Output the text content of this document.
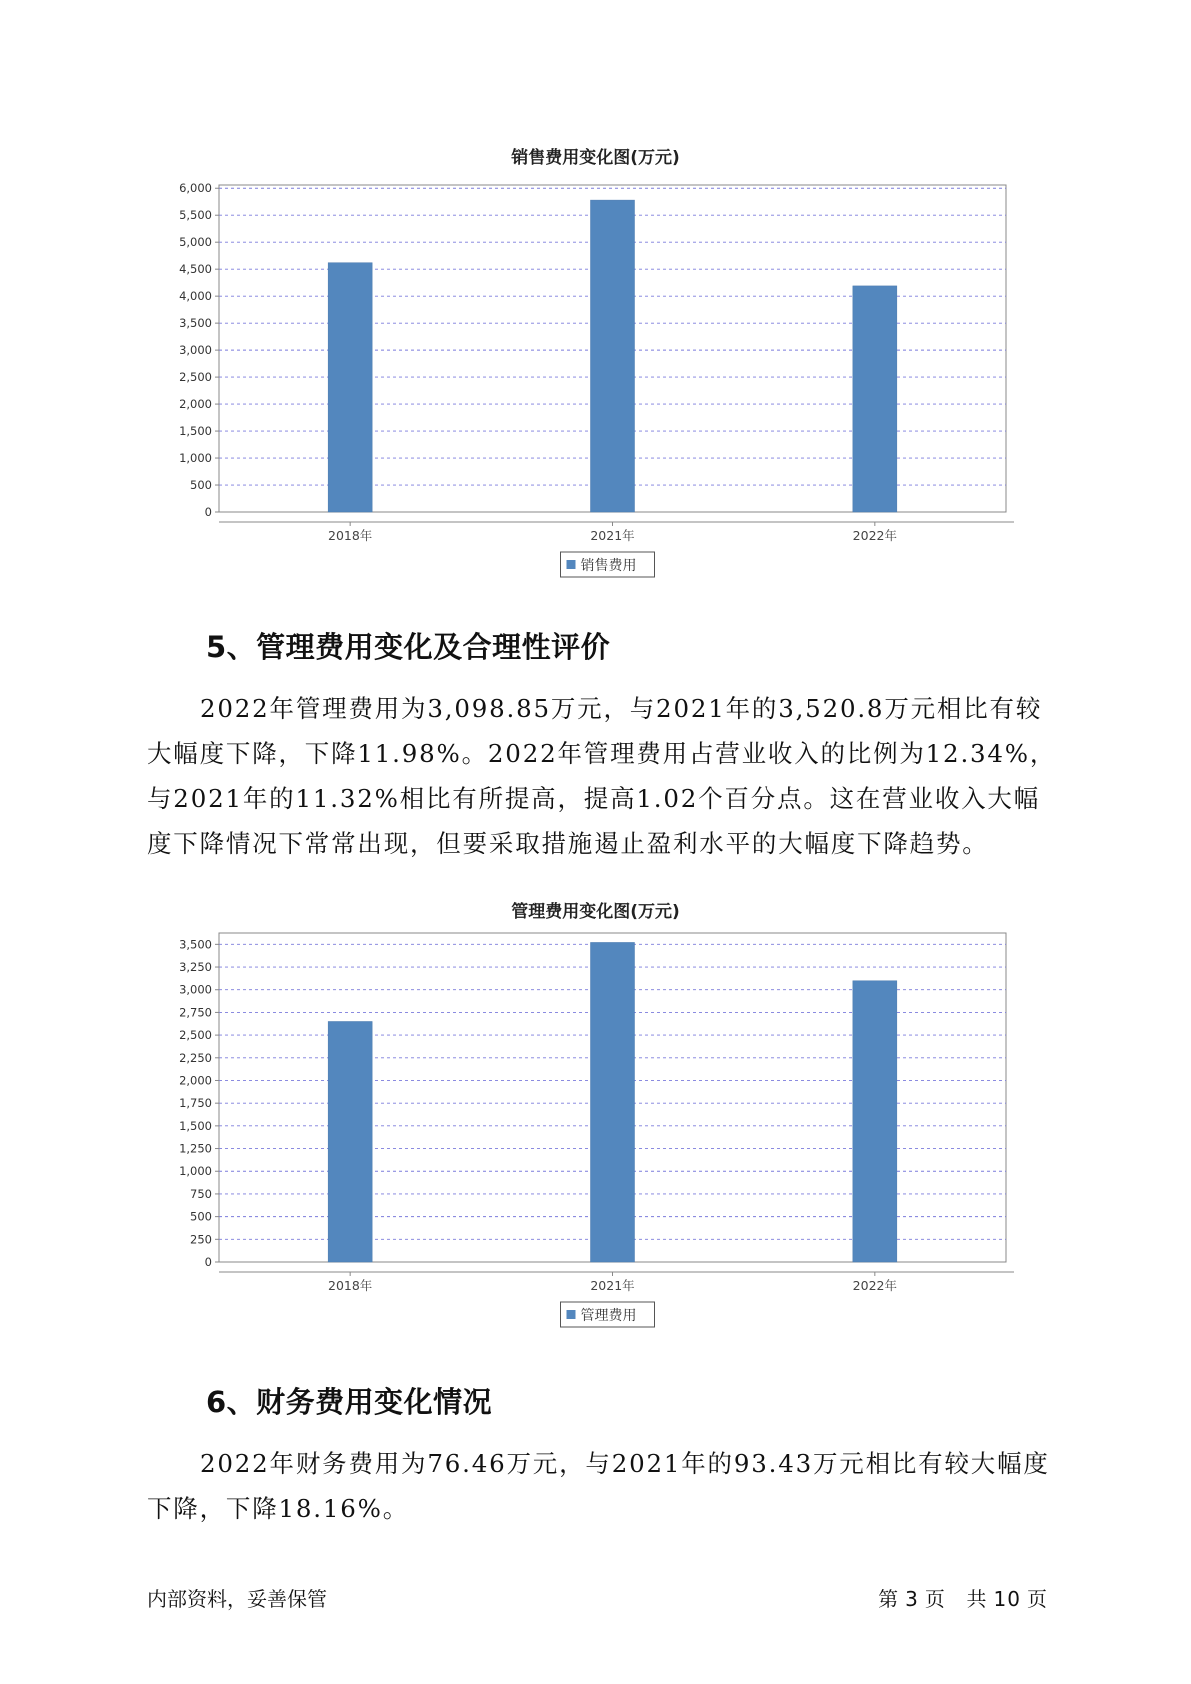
销售费用变化图(万元)
0
500
1,000
1,500
2,000
2,500
3,000
3,500
4,000
4,500
5,000
5,500
6,000
2018年	2021年	2022年
销售费用
5、管理费用变化及合理性评价

2022年管理费用为3,098.85万元，与2021年的3,520.8万元相比有较大幅度下降，下降11.98%。2022年管理费用占营业收入的比例为12.34%，与2021年的11.32%相比有所提高，提高1.02个百分点。这在营业收入大幅度下降情况下常常出现，但要采取措施遏止盈利水平的大幅度下降趋势。

管理费用变化图(万元)
0
250
500
750
1,000
1,250
1,500
1,750
2,000
2,250
2,500
2,750
3,000
3,250
3,500
2018年	2021年	2022年
管理费用
6、财务费用变化情况

2022年财务费用为76.46万元，与2021年的93.43万元相比有较大幅度下降，下降18.16%。

内部资料，妥善保管	第 3 页 共 10 页
